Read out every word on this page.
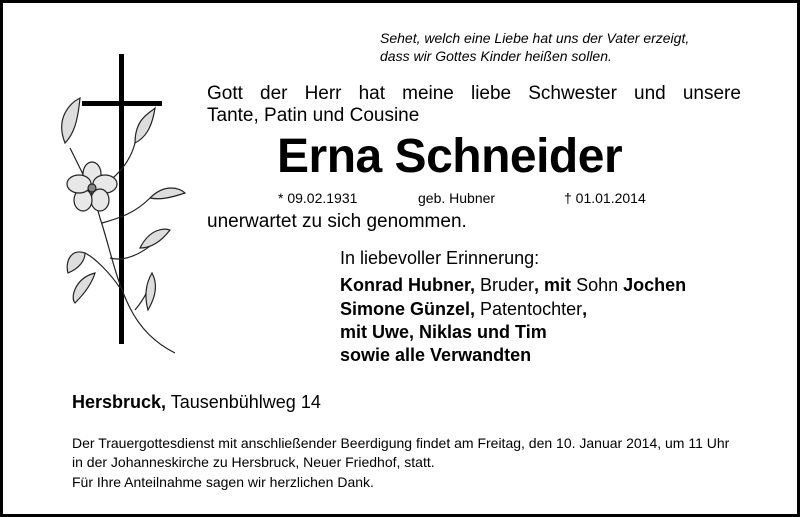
Sehet, welch eine Liebe hat uns der Vater erzeigt,
dass wir Gottes Kinder heißen sollen.
Gott der Herr hat meine liebe Schwester und unsere
Tante, Patin und Cousine
Erna Schneider
* 09.02.1931	geb. Hubner	† 01.01.2014
unerwartet zu sich genommen.
In liebevoller Erinnerung:
Konrad Hubner, Bruder, mit Sohn Jochen
Simone Günzel, Patentochter,
mit Uwe, Niklas und Tim
sowie alle Verwandten
Hersbruck, Tausenbühlweg 14
Der Trauergottesdienst mit anschließender Beerdigung findet am Freitag, den 10. Januar 2014, um 11 Uhr in der Johanneskirche zu Hersbruck, Neuer Friedhof, statt.
Für Ihre Anteilnahme sagen wir herzlichen Dank.
